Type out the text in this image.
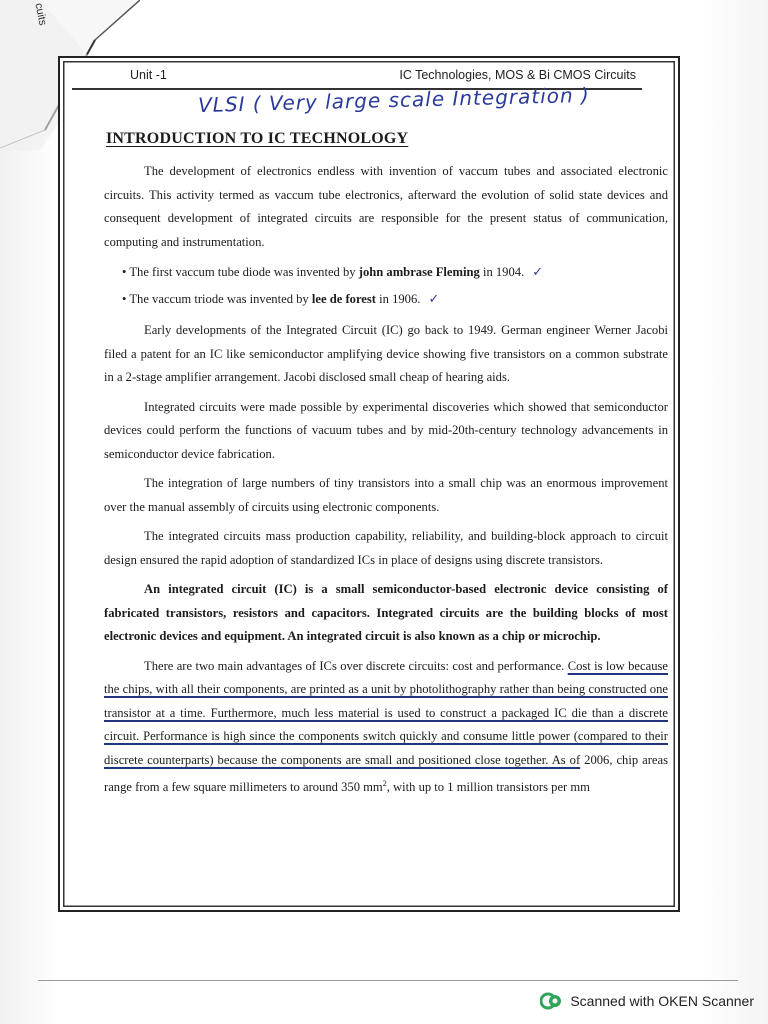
cuits
Unit -1	IC Technologies, MOS & Bi CMOS Circuits
VLSI ( Very large scale Integration )
INTRODUCTION TO IC TECHNOLOGY

The development of electronics endless with invention of vaccum tubes and associated electronic circuits. This activity termed as vaccum tube electronics, afterward the evolution of solid state devices and consequent development of integrated circuits are responsible for the present status of communication, computing and instrumentation.

• The first vaccum tube diode was invented by john ambrase Fleming in 1904. ✓
• The vaccum triode was invented by lee de forest in 1906. ✓

Early developments of the Integrated Circuit (IC) go back to 1949. German engineer Werner Jacobi filed a patent for an IC like semiconductor amplifying device showing five transistors on a common substrate in a 2-stage amplifier arrangement. Jacobi disclosed small cheap of hearing aids.

Integrated circuits were made possible by experimental discoveries which showed that semiconductor devices could perform the functions of vacuum tubes and by mid-20th-century technology advancements in semiconductor device fabrication.

The integration of large numbers of tiny transistors into a small chip was an enormous improvement over the manual assembly of circuits using electronic components.

The integrated circuits mass production capability, reliability, and building-block approach to circuit design ensured the rapid adoption of standardized ICs in place of designs using discrete transistors.

An integrated circuit (IC) is a small semiconductor-based electronic device consisting of fabricated transistors, resistors and capacitors. Integrated circuits are the building blocks of most electronic devices and equipment. An integrated circuit is also known as a chip or microchip.

There are two main advantages of ICs over discrete circuits: cost and performance. Cost is low because the chips, with all their components, are printed as a unit by photolithography rather than being constructed one transistor at a time. Furthermore, much less material is used to construct a packaged IC die than a discrete circuit. Performance is high since the components switch quickly and consume little power (compared to their discrete counterparts) because the components are small and positioned close together. As of 2006, chip areas range from a few square millimeters to around 350 $mm^2$, with up to 1 million transistors per mm

Scanned with OKEN Scanner
